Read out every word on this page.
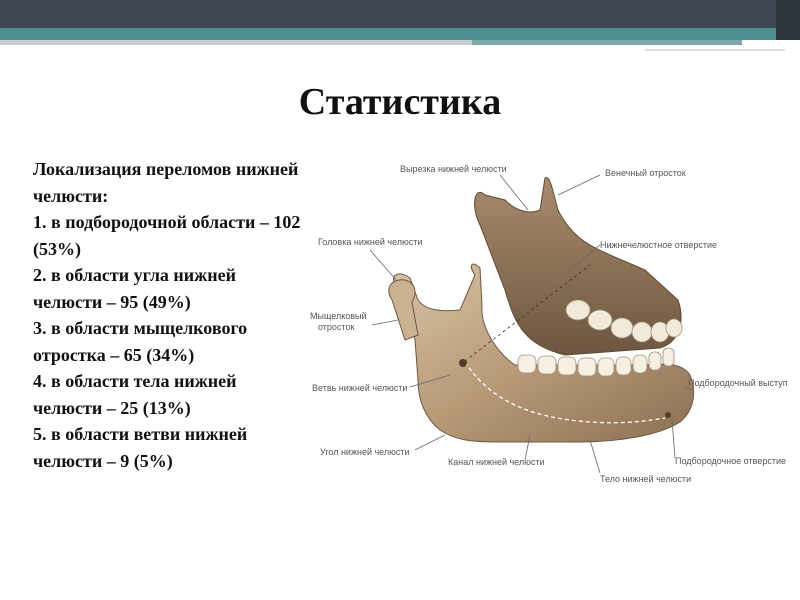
Статистика

Локализация переломов нижней челюсти:

1. в подбородочной области – 102 (53%)

2. в области угла нижней челюсти – 95 (49%)

3. в области мыщелкового отростка – 65 (34%)

4. в области тела нижней челюсти – 25 (13%)

5. в области ветви нижней челюсти – 9 (5%)

Вырезка нижней челюсти	Венечный отросток
Головка нижней челюсти	Нижнечелюстное отверстие
Мыщелковый
отросток
Ветвь нижней челюсти	Подбородочный выступ
Угол нижней челюсти
Канал нижней челюсти	Подбородочное отверстие
Тело нижней челюсти
